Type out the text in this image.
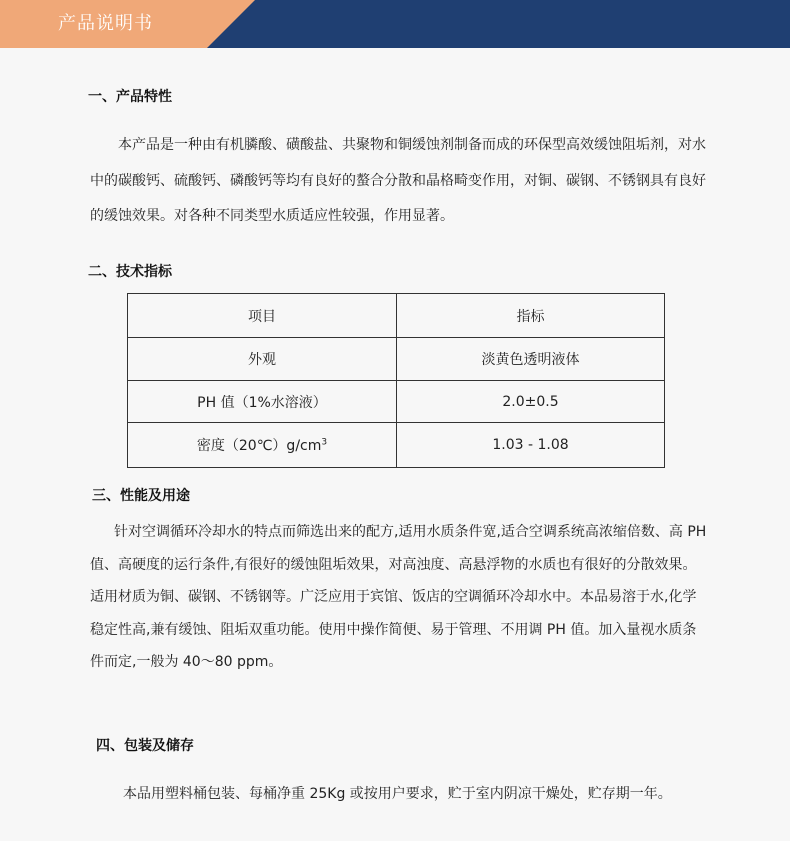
产品说明书
一、产品特性

本产品是一种由有机膦酸、磺酸盐、共聚物和铜缓蚀剂制备而成的环保型高效缓蚀阻垢剂，对水中的碳酸钙、硫酸钙、磷酸钙等均有良好的螯合分散和晶格畸变作用，对铜、碳钢、不锈钢具有良好的缓蚀效果。对各种不同类型水质适应性较强，作用显著。

二、技术指标
项目	指标
外观	淡黄色透明液体
PH 值（1%水溶液）	2.0±0.5
密度$(20℃)g/cm^3$	1.03 - 1.08
三、性能及用途

针对空调循环冷却水的特点而筛选出来的配方,适用水质条件宽,适合空调系统高浓缩倍数、高 PH 值、高硬度的运行条件,有很好的缓蚀阻垢效果，对高浊度、高悬浮物的水质也有很好的分散效果。适用材质为铜、碳钢、不锈钢等。广泛应用于宾馆、饭店的空调循环冷却水中。本品易溶于水,化学稳定性高,兼有缓蚀、阻垢双重功能。使用中操作简便、易于管理、不用调 PH 值。加入量视水质条件而定,一般为 40～80 ppm。

四、包装及储存

本品用塑料桶包装、每桶净重 25Kg 或按用户要求，贮于室内阴凉干燥处，贮存期一年。
